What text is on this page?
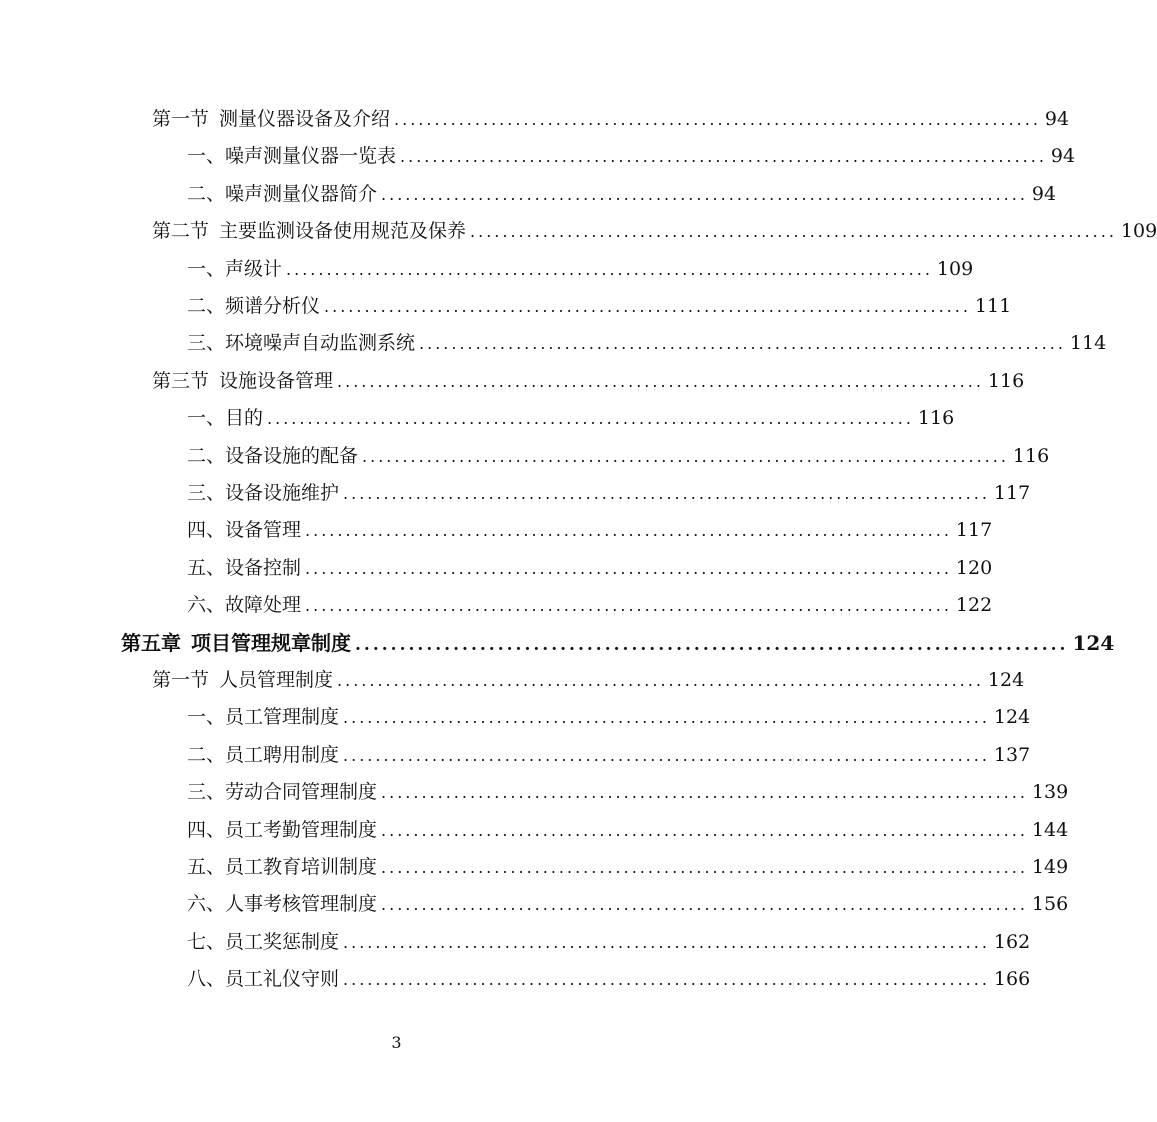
第一节 测量仪器设备及介绍 ................................................................................ 94
一、噪声测量仪器一览表 ................................................................................ 94
二、噪声测量仪器简介 ................................................................................ 94
第二节 主要监测设备使用规范及保养 ................................................................................ 109
一、声级计 ................................................................................ 109
二、频谱分析仪 ................................................................................ 111
三、环境噪声自动监测系统 ................................................................................ 114
第三节 设施设备管理 ................................................................................ 116
一、目的 ................................................................................ 116
二、设备设施的配备 ................................................................................ 116
三、设备设施维护 ................................................................................ 117
四、设备管理 ................................................................................ 117
五、设备控制 ................................................................................ 120
六、故障处理 ................................................................................ 122
第五章 项目管理规章制度 ................................................................................ 124
第一节 人员管理制度 ................................................................................ 124
一、员工管理制度 ................................................................................ 124
二、员工聘用制度 ................................................................................ 137
三、劳动合同管理制度 ................................................................................ 139
四、员工考勤管理制度 ................................................................................ 144
五、员工教育培训制度 ................................................................................ 149
六、人事考核管理制度 ................................................................................ 156
七、员工奖惩制度 ................................................................................ 162
八、员工礼仪守则 ................................................................................ 166
3
